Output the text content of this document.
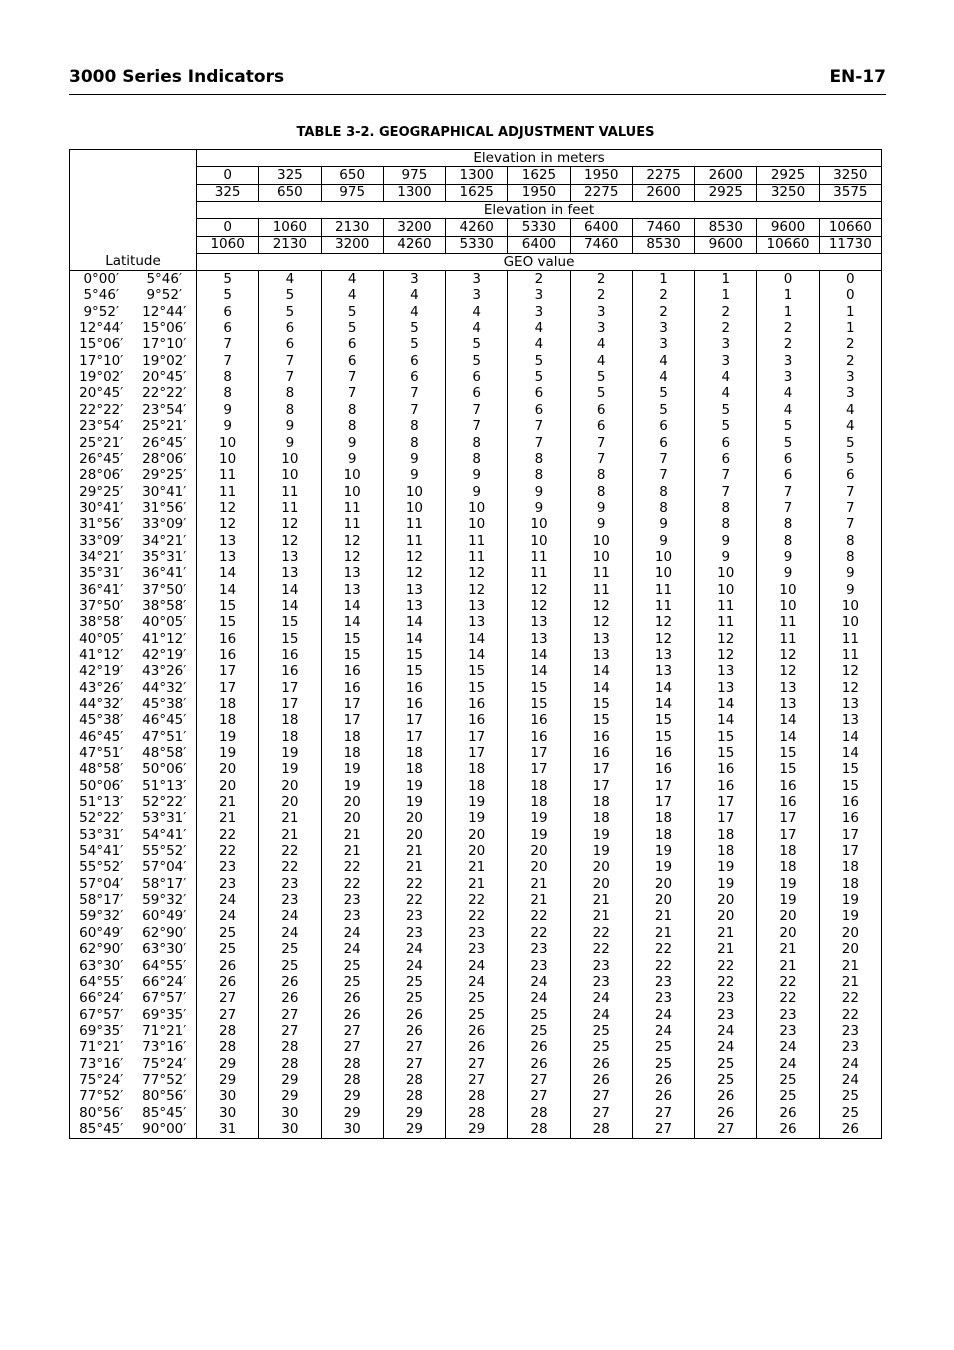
3000 Series Indicators	EN-17
TABLE 3-2. GEOGRAPHICAL ADJUSTMENT VALUES
		Elevation in meters										
		0	325	650	975	1300	1625	1950	2275	2600	2925	3250
		325	650	975	1300	1625	1950	2275	2600	2925	3250	3575
		Elevation in feet										
		0	1060	2130	3200	4260	5330	6400	7460	8530	9600	10660
		1060	2130	3200	4260	5330	6400	7460	8530	9600	10660	11730
Latitude		GEO value										
0°00′	5°46′	5	4	4	3	3	2	2	1	1	0	0
5°46′	9°52′	5	5	4	4	3	3	2	2	1	1	0
9°52′	12°44′	6	5	5	4	4	3	3	2	2	1	1
12°44′	15°06′	6	6	5	5	4	4	3	3	2	2	1
15°06′	17°10′	7	6	6	5	5	4	4	3	3	2	2
17°10′	19°02′	7	7	6	6	5	5	4	4	3	3	2
19°02′	20°45′	8	7	7	6	6	5	5	4	4	3	3
20°45′	22°22′	8	8	7	7	6	6	5	5	4	4	3
22°22′	23°54′	9	8	8	7	7	6	6	5	5	4	4
23°54′	25°21′	9	9	8	8	7	7	6	6	5	5	4
25°21′	26°45′	10	9	9	8	8	7	7	6	6	5	5
26°45′	28°06′	10	10	9	9	8	8	7	7	6	6	5
28°06′	29°25′	11	10	10	9	9	8	8	7	7	6	6
29°25′	30°41′	11	11	10	10	9	9	8	8	7	7	7
30°41′	31°56′	12	11	11	10	10	9	9	8	8	7	7
31°56′	33°09′	12	12	11	11	10	10	9	9	8	8	7
33°09′	34°21′	13	12	12	11	11	10	10	9	9	8	8
34°21′	35°31′	13	13	12	12	11	11	10	10	9	9	8
35°31′	36°41′	14	13	13	12	12	11	11	10	10	9	9
36°41′	37°50′	14	14	13	13	12	12	11	11	10	10	9
37°50′	38°58′	15	14	14	13	13	12	12	11	11	10	10
38°58′	40°05′	15	15	14	14	13	13	12	12	11	11	10
40°05′	41°12′	16	15	15	14	14	13	13	12	12	11	11
41°12′	42°19′	16	16	15	15	14	14	13	13	12	12	11
42°19′	43°26′	17	16	16	15	15	14	14	13	13	12	12
43°26′	44°32′	17	17	16	16	15	15	14	14	13	13	12
44°32′	45°38′	18	17	17	16	16	15	15	14	14	13	13
45°38′	46°45′	18	18	17	17	16	16	15	15	14	14	13
46°45′	47°51′	19	18	18	17	17	16	16	15	15	14	14
47°51′	48°58′	19	19	18	18	17	17	16	16	15	15	14
48°58′	50°06′	20	19	19	18	18	17	17	16	16	15	15
50°06′	51°13′	20	20	19	19	18	18	17	17	16	16	15
51°13′	52°22′	21	20	20	19	19	18	18	17	17	16	16
52°22′	53°31′	21	21	20	20	19	19	18	18	17	17	16
53°31′	54°41′	22	21	21	20	20	19	19	18	18	17	17
54°41′	55°52′	22	22	21	21	20	20	19	19	18	18	17
55°52′	57°04′	23	22	22	21	21	20	20	19	19	18	18
57°04′	58°17′	23	23	22	22	21	21	20	20	19	19	18
58°17′	59°32′	24	23	23	22	22	21	21	20	20	19	19
59°32′	60°49′	24	24	23	23	22	22	21	21	20	20	19
60°49′	62°90′	25	24	24	23	23	22	22	21	21	20	20
62°90′	63°30′	25	25	24	24	23	23	22	22	21	21	20
63°30′	64°55′	26	25	25	24	24	23	23	22	22	21	21
64°55′	66°24′	26	26	25	25	24	24	23	23	22	22	21
66°24′	67°57′	27	26	26	25	25	24	24	23	23	22	22
67°57′	69°35′	27	27	26	26	25	25	24	24	23	23	22
69°35′	71°21′	28	27	27	26	26	25	25	24	24	23	23
71°21′	73°16′	28	28	27	27	26	26	25	25	24	24	23
73°16′	75°24′	29	28	28	27	27	26	26	25	25	24	24
75°24′	77°52′	29	29	28	28	27	27	26	26	25	25	24
77°52′	80°56′	30	29	29	28	28	27	27	26	26	25	25
80°56′	85°45′	30	30	29	29	28	28	27	27	26	26	25
85°45′	90°00′	31	30	30	29	29	28	28	27	27	26	26
